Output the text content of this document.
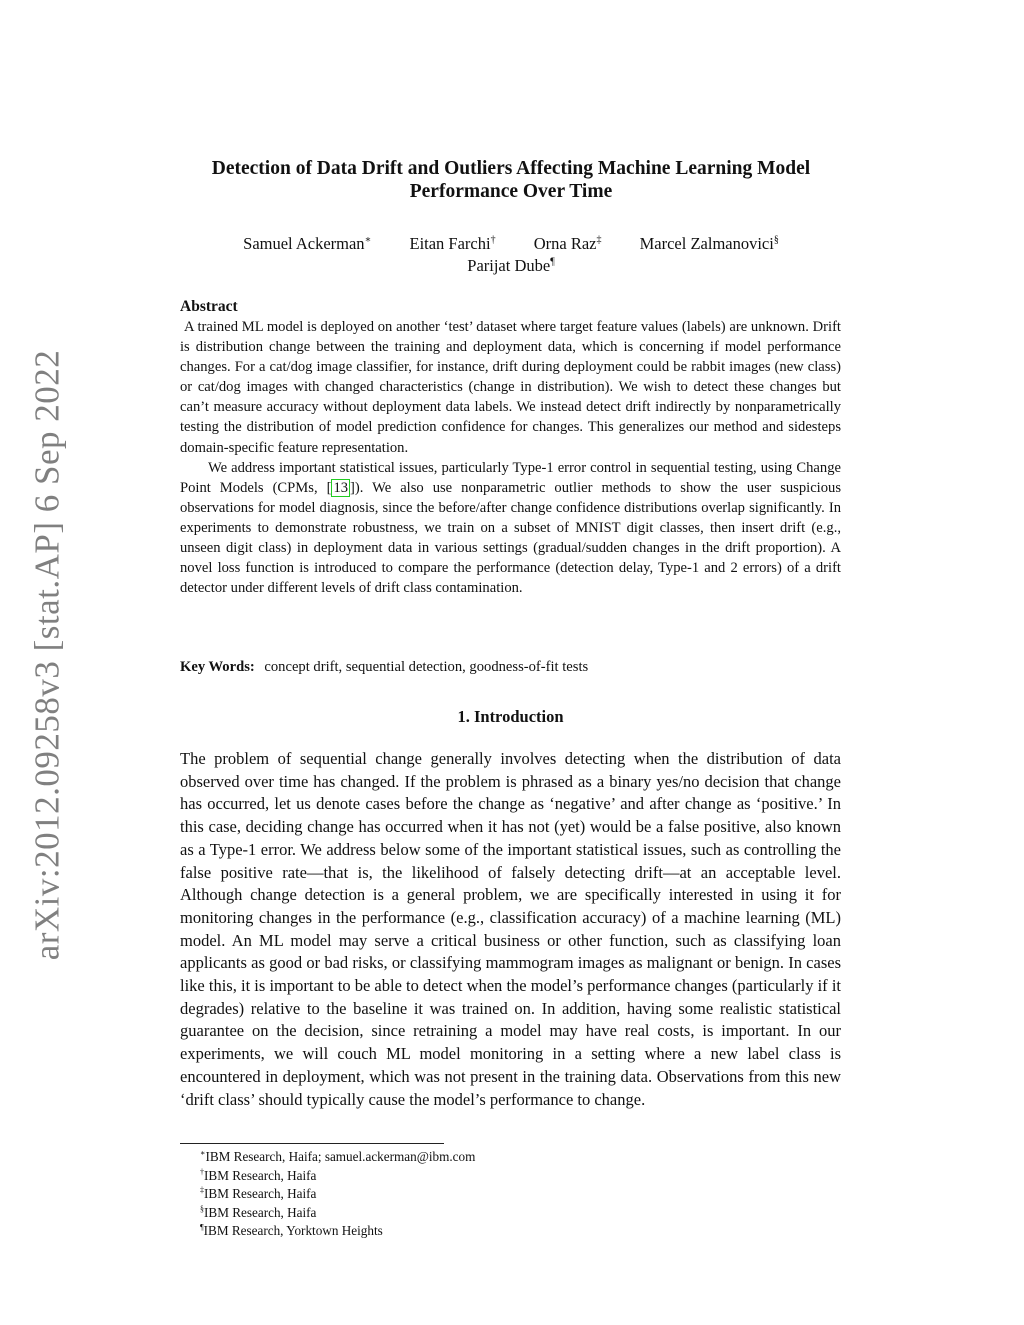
arXiv:2012.09258v3 [stat.AP] 6 Sep 2022
Detection of Data Drift and Outliers Affecting Machine Learning Model
Performance Over Time
Samuel Ackerman∗ Eitan Farchi† Orna Raz‡ Marcel Zalmanovici§
Parijat Dube¶
Abstract

A trained ML model is deployed on another ‘test’ dataset where target feature values (labels) are unknown. Drift is distribution change between the training and deployment data, which is concerning if model performance changes. For a cat/dog image classifier, for instance, drift during deployment could be rabbit images (new class) or cat/dog images with changed characteristics (change in distribution). We wish to detect these changes but can’t measure accuracy without deployment data labels. We instead detect drift indirectly by nonparametrically testing the distribution of model prediction confidence for changes. This generalizes our method and sidesteps domain-specific feature representation.

We address important statistical issues, particularly Type-1 error control in sequential testing, using Change Point Models (CPMs, [ 13 ]). We also use nonparametric outlier methods to show the user suspicious observations for model diagnosis, since the before/after change confidence distributions overlap significantly. In experiments to demonstrate robustness, we train on a subset of MNIST digit classes, then insert drift (e.g., unseen digit class) in deployment data in various settings (gradual/sudden changes in the drift proportion). A novel loss function is introduced to compare the performance (detection delay, Type-1 and 2 errors) of a drift detector under different levels of drift class contamination.

Key Words: concept drift, sequential detection, goodness-of-fit tests
1. Introduction

The problem of sequential change generally involves detecting when the distribution of data observed over time has changed. If the problem is phrased as a binary yes/no decision that change has occurred, let us denote cases before the change as ‘negative’ and after change as ‘positive.’ In this case, deciding change has occurred when it has not (yet) would be a false positive, also known as a Type-1 error. We address below some of the important statistical issues, such as controlling the false positive rate—that is, the likelihood of falsely detecting drift—at an acceptable level. Although change detection is a general problem, we are specifically interested in using it for monitoring changes in the performance (e.g., classification accuracy) of a machine learning (ML) model. An ML model may serve a critical business or other function, such as classifying loan applicants as good or bad risks, or classifying mammogram images as malignant or benign. In cases like this, it is important to be able to detect when the model’s performance changes (particularly if it degrades) relative to the baseline it was trained on. In addition, having some realistic statistical guarantee on the decision, since retraining a model may have real costs, is important. In our experiments, we will couch ML model monitoring in a setting where a new label class is encountered in deployment, which was not present in the training data. Observations from this new ‘drift class’ should typically cause the model’s performance to change.

∗IBM Research, Haifa; samuel.ackerman@ibm.com
†IBM Research, Haifa
‡IBM Research, Haifa
§IBM Research, Haifa
¶IBM Research, Yorktown Heights
